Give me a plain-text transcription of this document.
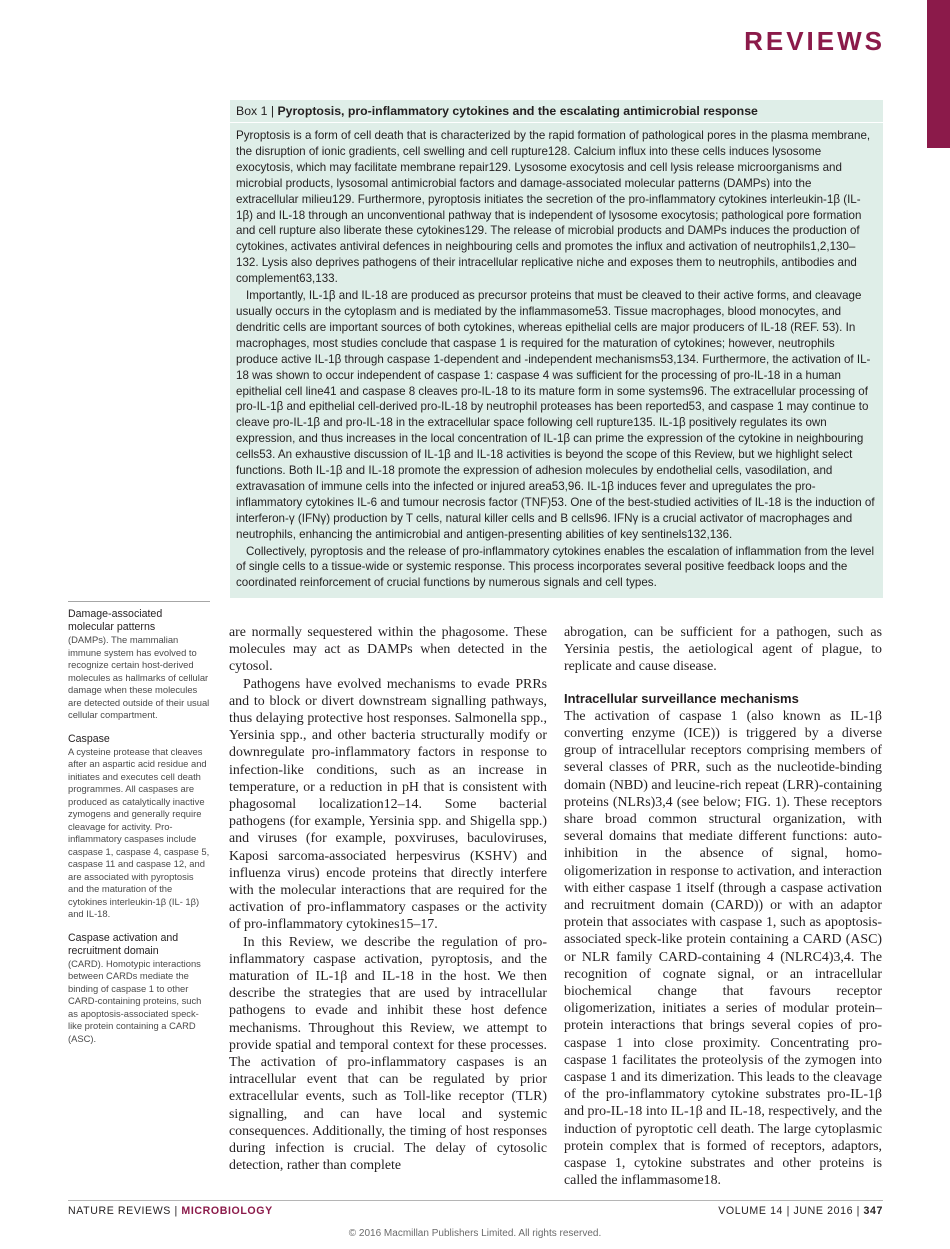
REVIEWS
Box 1 | Pyroptosis, pro-inflammatory cytokines and the escalating antimicrobial response

Pyroptosis is a form of cell death that is characterized by the rapid formation of pathological pores in the plasma membrane, the disruption of ionic gradients, cell swelling and cell rupture128. Calcium influx into these cells induces lysosome exocytosis, which may facilitate membrane repair129. Lysosome exocytosis and cell lysis release microorganisms and microbial products, lysosomal antimicrobial factors and damage-associated molecular patterns (DAMPs) into the extracellular milieu129. Furthermore, pyroptosis initiates the secretion of the pro-inflammatory cytokines interleukin-1β (IL-1β) and IL-18 through an unconventional pathway that is independent of lysosome exocytosis; pathological pore formation and cell rupture also liberate these cytokines129. The release of microbial products and DAMPs induces the production of cytokines, activates antiviral defences in neighbouring cells and promotes the influx and activation of neutrophils1,2,130–132. Lysis also deprives pathogens of their intracellular replicative niche and exposes them to neutrophils, antibodies and complement63,133.

Importantly, IL-1β and IL-18 are produced as precursor proteins that must be cleaved to their active forms, and cleavage usually occurs in the cytoplasm and is mediated by the inflammasome53. Tissue macrophages, blood monocytes, and dendritic cells are important sources of both cytokines, whereas epithelial cells are major producers of IL-18 (REF. 53). In macrophages, most studies conclude that caspase 1 is required for the maturation of cytokines; however, neutrophils produce active IL-1β through caspase 1-dependent and -independent mechanisms53,134. Furthermore, the activation of IL-18 was shown to occur independent of caspase 1: caspase 4 was sufficient for the processing of pro-IL-18 in a human epithelial cell line41 and caspase 8 cleaves pro-IL-18 to its mature form in some systems96. The extracellular processing of pro-IL-1β and epithelial cell-derived pro-IL-18 by neutrophil proteases has been reported53, and caspase 1 may continue to cleave pro-IL-1β and pro-IL-18 in the extracellular space following cell rupture135. IL-1β positively regulates its own expression, and thus increases in the local concentration of IL-1β can prime the expression of the cytokine in neighbouring cells53. An exhaustive discussion of IL-1β and IL-18 activities is beyond the scope of this Review, but we highlight select functions. Both IL-1β and IL-18 promote the expression of adhesion molecules by endothelial cells, vasodilation, and extravasation of immune cells into the infected or injured area53,96. IL-1β induces fever and upregulates the pro-inflammatory cytokines IL-6 and tumour necrosis factor (TNF)53. One of the best-studied activities of IL-18 is the induction of interferon-γ (IFNγ) production by T cells, natural killer cells and B cells96. IFNγ is a crucial activator of macrophages and neutrophils, enhancing the antimicrobial and antigen-presenting abilities of key sentinels132,136.

Collectively, pyroptosis and the release of pro-inflammatory cytokines enables the escalation of inflammation from the level of single cells to a tissue-wide or systemic response. This process incorporates several positive feedback loops and the coordinated reinforcement of crucial functions by numerous signals and cell types.

Damage-associated molecular patterns
(DAMPs). The mammalian immune system has evolved to recognize certain host-derived molecules as hallmarks of cellular damage when these molecules are detected outside of their usual cellular compartment.
Caspase
A cysteine protease that cleaves after an aspartic acid residue and initiates and executes cell death programmes. All caspases are produced as catalytically inactive zymogens and generally require cleavage for activity. Pro-inflammatory caspases include caspase 1, caspase 4, caspase 5, caspase 11 and caspase 12, and are associated with pyroptosis and the maturation of the cytokines interleukin-1β (IL- 1β) and IL-18.
Caspase activation and recruitment domain
(CARD). Homotypic interactions between CARDs mediate the binding of caspase 1 to other CARD-containing proteins, such as apoptosis-associated speck-like protein containing a CARD (ASC).

are normally sequestered within the phagosome. These molecules may act as DAMPs when detected in the cytosol.

Pathogens have evolved mechanisms to evade PRRs and to block or divert downstream signalling pathways, thus delaying protective host responses. Salmonella spp., Yersinia spp., and other bacteria structurally modify or downregulate pro-inflammatory factors in response to infection-like conditions, such as an increase in temperature, or a reduction in pH that is consistent with phagosomal localization12–14. Some bacterial pathogens (for example, Yersinia spp. and Shigella spp.) and viruses (for example, poxviruses, baculoviruses, Kaposi sarcoma-associated herpesvirus (KSHV) and influenza virus) encode proteins that directly interfere with the molecular interactions that are required for the activation of pro-inflammatory caspases or the activity of pro-inflammatory cytokines15–17.

In this Review, we describe the regulation of pro-inflammatory caspase activation, pyroptosis, and the maturation of IL-1β and IL-18 in the host. We then describe the strategies that are used by intracellular pathogens to evade and inhibit these host defence mechanisms. Throughout this Review, we attempt to provide spatial and temporal context for these processes. The activation of pro-inflammatory caspases is an intracellular event that can be regulated by prior extracellular events, such as Toll-like receptor (TLR) signalling, and can have local and systemic consequences. Additionally, the timing of host responses during infection is crucial. The delay of cytosolic detection, rather than complete

abrogation, can be sufficient for a pathogen, such as Yersinia pestis, the aetiological agent of plague, to replicate and cause disease.

Intracellular surveillance mechanisms

The activation of caspase 1 (also known as IL-1β converting enzyme (ICE)) is triggered by a diverse group of intracellular receptors comprising members of several classes of PRR, such as the nucleotide-binding domain (NBD) and leucine-rich repeat (LRR)-containing proteins (NLRs)3,4 (see below; FIG. 1). These receptors share broad common structural organization, with several domains that mediate different functions: auto-inhibition in the absence of signal, homo-oligomerization in response to activation, and interaction with either caspase 1 itself (through a caspase activation and recruitment domain (CARD)) or with an adaptor protein that associates with caspase 1, such as apoptosis-associated speck-like protein containing a CARD (ASC) or NLR family CARD-containing 4 (NLRC4)3,4. The recognition of cognate signal, or an intracellular biochemical change that favours receptor oligomerization, initiates a series of modular protein–protein interactions that brings several copies of pro-caspase 1 into close proximity. Concentrating pro-caspase 1 facilitates the proteolysis of the zymogen into caspase 1 and its dimerization. This leads to the cleavage of the pro-inflammatory cytokine substrates pro-IL-1β and pro-IL-18 into IL-1β and IL-18, respectively, and the induction of pyroptotic cell death. The large cytoplasmic protein complex that is formed of receptors, adaptors, caspase 1, cytokine substrates and other proteins is called the inflammasome18.

NATURE REVIEWS | MICROBIOLOGY	VOLUME 14 | JUNE 2016 | 347
© 2016 Macmillan Publishers Limited. All rights reserved.
